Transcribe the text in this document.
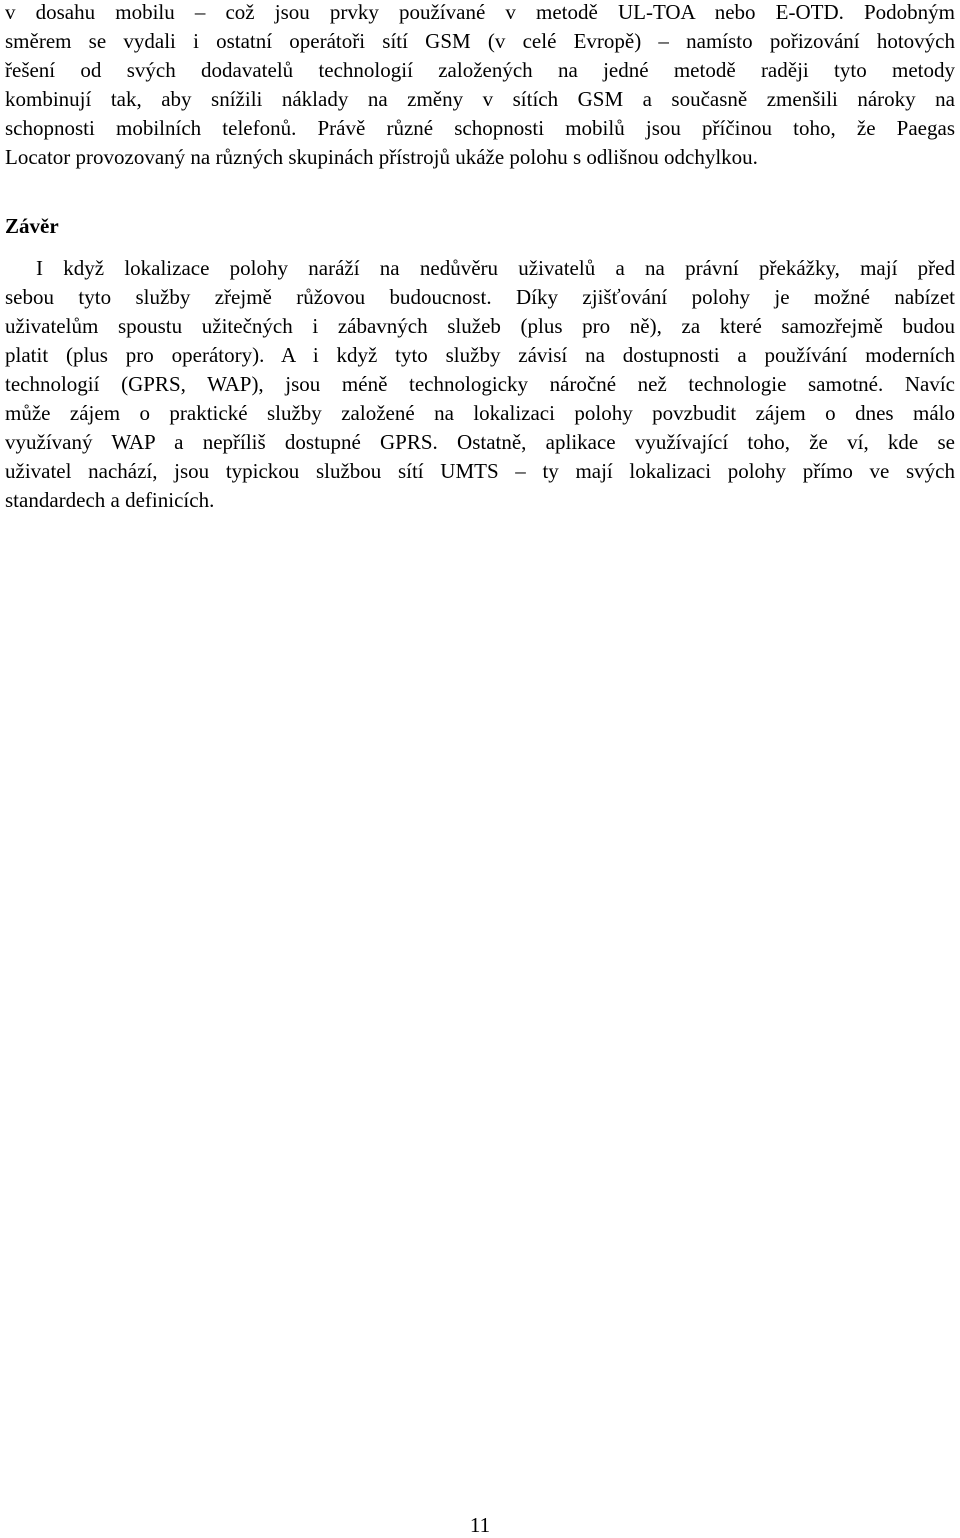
v dosahu mobilu – což jsou prvky používané v metodě UL-TOA nebo E-OTD. Podobným
směrem se vydali i ostatní operátoři sítí GSM (v celé Evropě) – namísto pořizování hotových
řešení od svých dodavatelů technologií založených na jedné metodě raději tyto metody
kombinují tak, aby snížili náklady na změny v sítích GSM a současně zmenšili nároky na
schopnosti mobilních telefonů. Právě různé schopnosti mobilů jsou příčinou toho, že Paegas
Locator provozovaný na různých skupinách přístrojů ukáže polohu s odlišnou odchylkou.
Závěr
I když lokalizace polohy naráží na nedůvěru uživatelů a na právní překážky, mají před
sebou tyto služby zřejmě růžovou budoucnost. Díky zjišťování polohy je možné nabízet
uživatelům spoustu užitečných i zábavných služeb (plus pro ně), za které samozřejmě budou
platit (plus pro operátory). A i když tyto služby závisí na dostupnosti a používání moderních
technologií (GPRS, WAP), jsou méně technologicky náročné než technologie samotné. Navíc
může zájem o praktické služby založené na lokalizaci polohy povzbudit zájem o dnes málo
využívaný WAP a nepříliš dostupné GPRS. Ostatně, aplikace využívající toho, že ví, kde se
uživatel nachází, jsou typickou službou sítí UMTS – ty mají lokalizaci polohy přímo ve svých
standardech a definicích.
11
